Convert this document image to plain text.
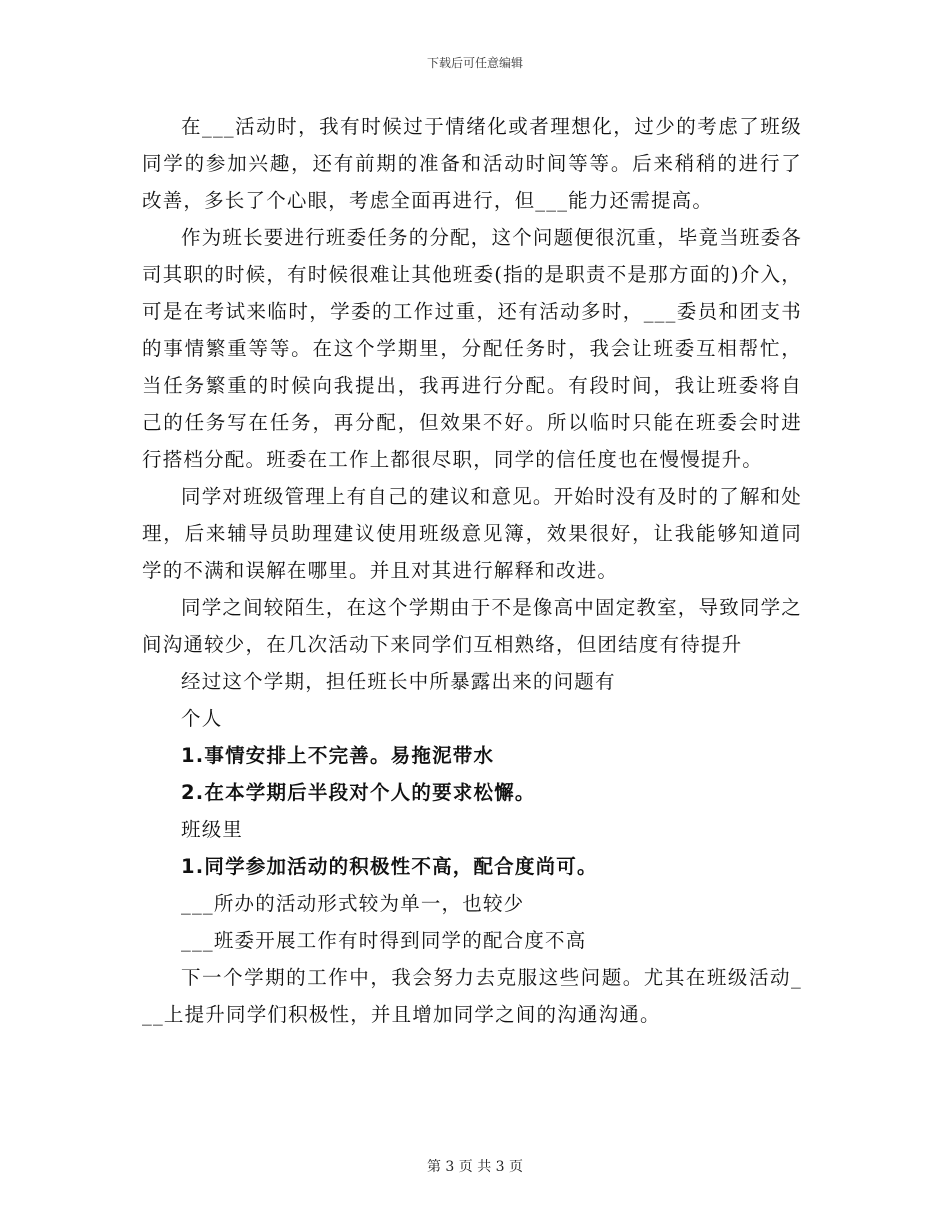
下载后可任意编辑

在___活动时，我有时候过于情绪化或者理想化，过少的考虑了班级同学的参加兴趣，还有前期的准备和活动时间等等。后来稍稍的进行了改善，多长了个心眼，考虑全面再进行，但___能力还需提高。

作为班长要进行班委任务的分配，这个问题便很沉重，毕竟当班委各司其职的时候，有时候很难让其他班委(指的是职责不是那方面的)介入，可是在考试来临时，学委的工作过重，还有活动多时，___委员和团支书的事情繁重等等。在这个学期里，分配任务时，我会让班委互相帮忙，当任务繁重的时候向我提出，我再进行分配。有段时间，我让班委将自己的任务写在任务，再分配，但效果不好。所以临时只能在班委会时进行搭档分配。班委在工作上都很尽职，同学的信任度也在慢慢提升。

同学对班级管理上有自己的建议和意见。开始时没有及时的了解和处理，后来辅导员助理建议使用班级意见簿，效果很好，让我能够知道同学的不满和误解在哪里。并且对其进行解释和改进。

同学之间较陌生，在这个学期由于不是像高中固定教室，导致同学之间沟通较少，在几次活动下来同学们互相熟络，但团结度有待提升

经过这个学期，担任班长中所暴露出来的问题有

个人

1.事情安排上不完善。易拖泥带水

2.在本学期后半段对个人的要求松懈。

班级里

1.同学参加活动的积极性不高，配合度尚可。

___所办的活动形式较为单一，也较少

___班委开展工作有时得到同学的配合度不高

下一个学期的工作中，我会努力去克服这些问题。尤其在班级活动___上提升同学们积极性，并且增加同学之间的沟通沟通。

第 3 页 共 3 页
